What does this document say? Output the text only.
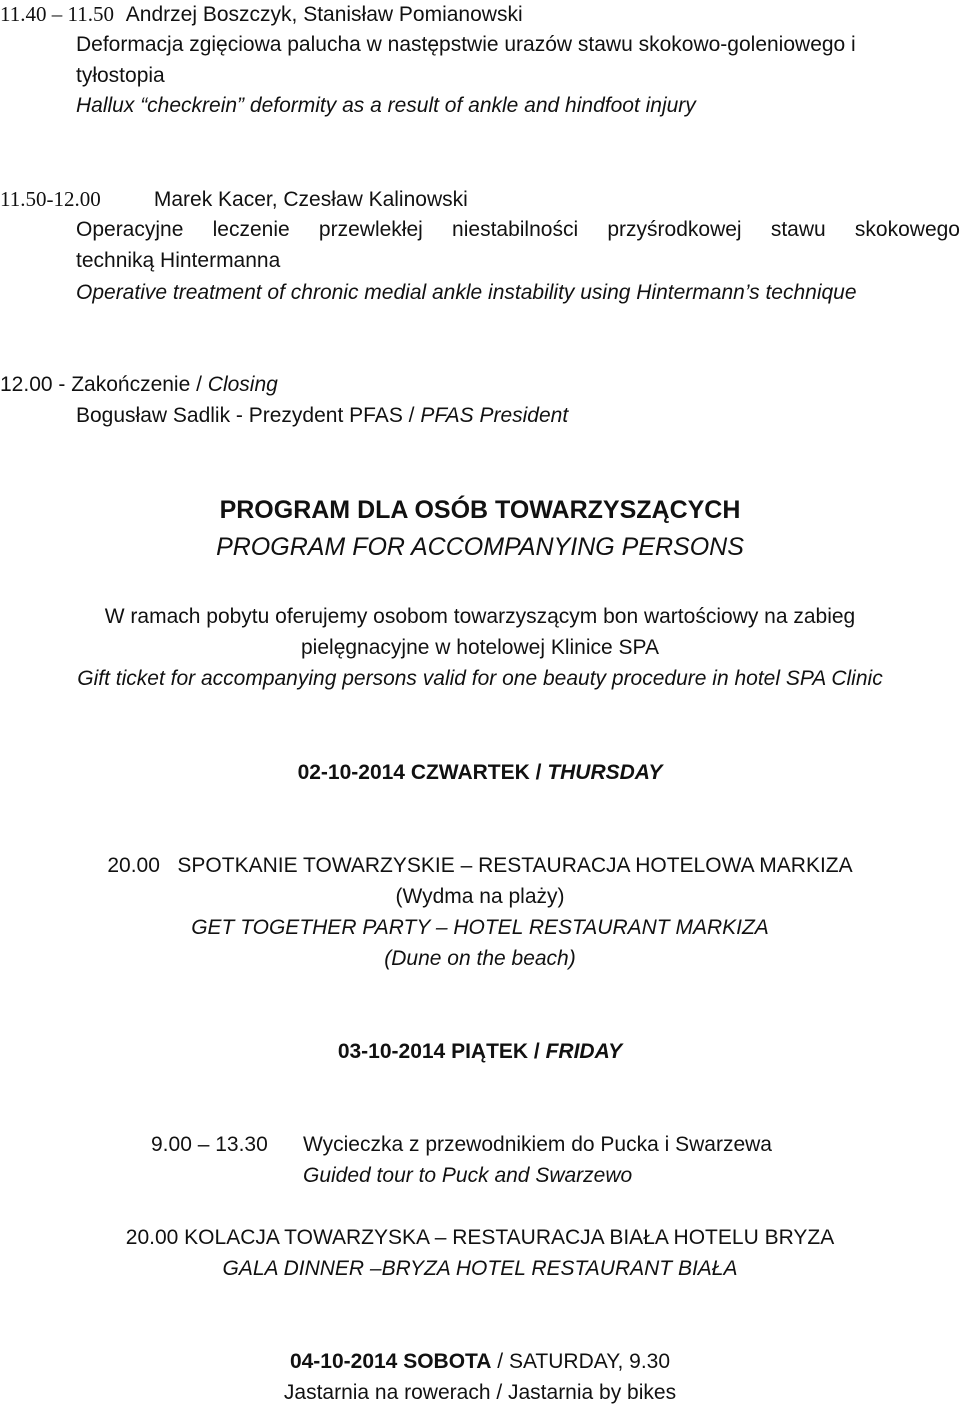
11.40 – 11.50 Andrzej Boszczyk, Stanisław Pomianowski
Deformacja zgięciowa palucha w następstwie urazów stawu skokowo-goleniowego i
tyłostopia
Hallux “checkrein” deformity as a result of ankle and hindfoot injury
11.50-12.00	Marek Kacer, Czesław Kalinowski
Operacyjne leczenie przewlekłej niestabilności przyśrodkowej stawu skokowego
techniką Hintermanna
Operative treatment of chronic medial ankle instability using Hintermann’s technique
12.00 - Zakończenie / Closing
Bogusław Sadlik - Prezydent PFAS / PFAS President
PROGRAM DLA OSÓB TOWARZYSZĄCYCH
PROGRAM FOR ACCOMPANYING PERSONS
W ramach pobytu oferujemy osobom towarzyszącym bon wartościowy na zabieg
pielęgnacyjne w hotelowej Klinice SPA
Gift ticket for accompanying persons valid for one beauty procedure in hotel SPA Clinic
02-10-2014 CZWARTEK / THURSDAY
20.00   SPOTKANIE TOWARZYSKIE – RESTAURACJA HOTELOWA MARKIZA
(Wydma na plaży)
GET TOGETHER PARTY – HOTEL RESTAURANT MARKIZA
(Dune on the beach)
03-10-2014 PIĄTEK / FRIDAY
9.00 – 13.30 Wycieczka z przewodnikiem do Pucka i Swarzewa
Guided tour to Puck and Swarzewo
20.00 KOLACJA TOWARZYSKA – RESTAURACJA BIAŁA HOTELU BRYZA
GALA DINNER –BRYZA HOTEL RESTAURANT BIAŁA
04-10-2014 SOBOTA / SATURDAY, 9.30
Jastarnia na rowerach / Jastarnia by bikes
